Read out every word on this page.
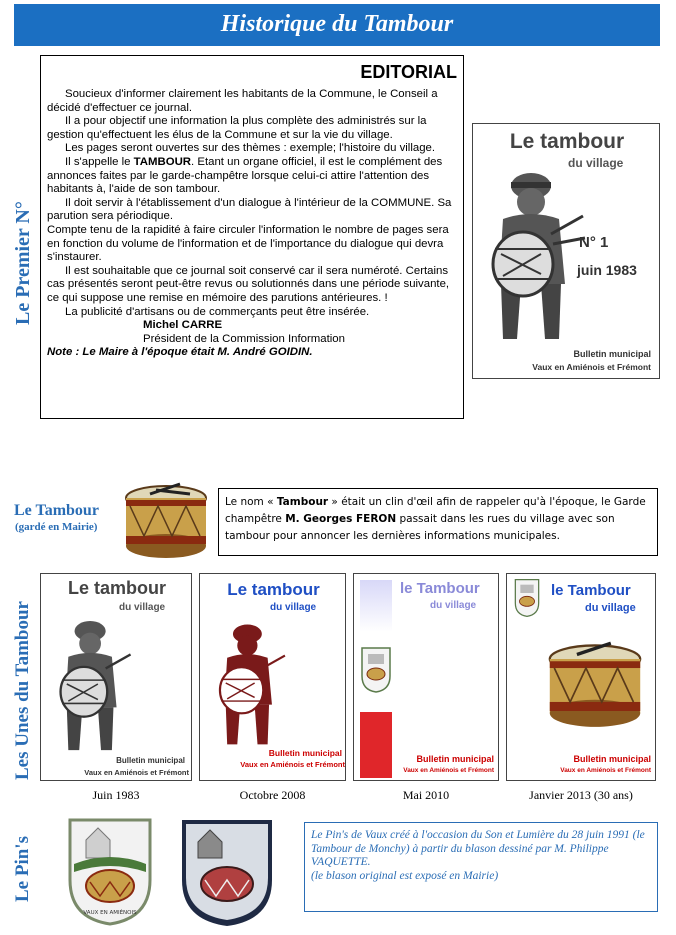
Historique du Tambour
Le Premier N°
Les Unes du Tambour
Le Pin's
EDITORIAL

Soucieux d'informer clairement les habitants de la Commune, le Conseil a décidé d'effectuer ce journal.

Il a pour objectif une information la plus complète des administrés sur la gestion qu'effectuent les élus de la Commune et sur la vie du village.

Les pages seront ouvertes sur des thèmes : exemple; l'histoire du village.

Il s'appelle le TAMBOUR. Etant un organe officiel, il est le complément des annonces faites par le garde-champêtre lorsque celui-ci attire l'attention des habitants à, l'aide de son tambour.

Il doit servir à l'établissement d'un dialogue à l'intérieur de la COMMUNE. Sa parution sera périodique.

Compte tenu de la rapidité à faire circuler l'information le nombre de pages sera en fonction du volume de l'information et de l'importance du dialogue qui devra s'instaurer.

Il est souhaitable que ce journal soit conservé car il sera numéroté. Certains cas présentés seront peut-être revus ou solutionnés dans une période suivante, ce qui suppose une remise en mémoire des parutions antérieures. !

La publicité d'artisans ou de commerçants peut être insérée.

Michel CARRE

Président de la Commission Information

Note : Le Maire à l'époque était M. André GOIDIN.

Le tambour
du village
N° 1
juin 1983
Bulletin municipal
Vaux en Amiénois et Frémont
Le Tambour
(gardé en Mairie)
Le nom « Tambour » était un clin d'œil afin de rappeler qu'à l'époque, le Garde champêtre M. Georges FERON passait dans les rues du village avec son tambour pour annoncer les dernières informations municipales.
Le tambour
du village
Bulletin municipal
Vaux en Amiénois et Frémont
Le tambour
du village
Bulletin municipal
Vaux en Amiénois et Frémont
le Tambour
du village
Bulletin municipal
Vaux en Amiénois et Frémont
le Tambour
du village
Bulletin municipal
Vaux en Amiénois et Frémont
Juin 1983	Octobre 2008	Mai 2010	Janvier 2013 (30 ans)
VAUX EN AMIÉNOIS
Le Pin's de Vaux créé à l'occasion du Son et Lumière du 28 juin 1991 (le Tambour de Monchy) à partir du blason dessiné par M. Philippe VAQUETTE.
(le blason original est exposé en Mairie)
